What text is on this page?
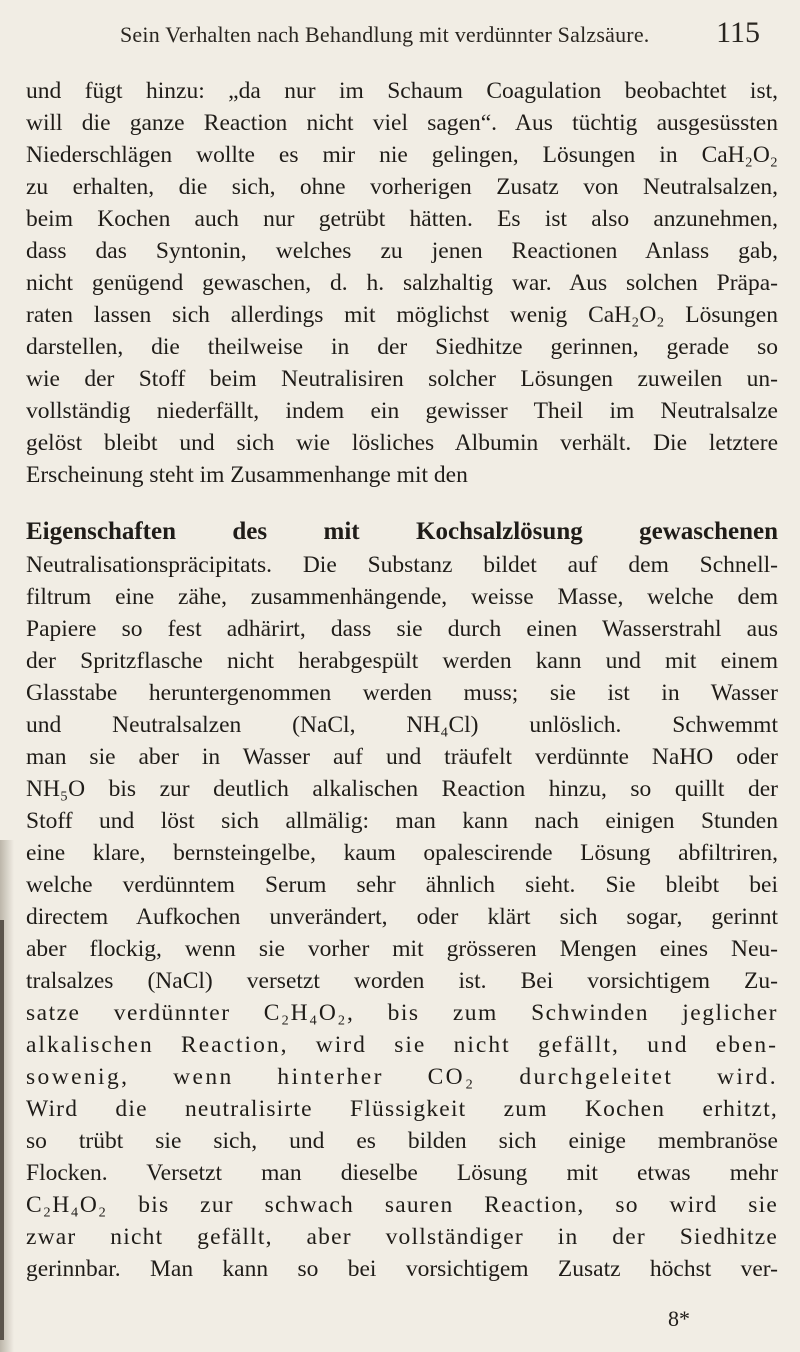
Sein Verhalten nach Behandlung mit verdünnter Salzsäure. 115
und fügt hinzu: „da nur im Schaum Coagulation beobachtet ist,
will die ganze Reaction nicht viel sagen“. Aus tüchtig ausgesüssten
Niederschlägen wollte es mir nie gelingen, Lösungen in CaH₂O₂
zu erhalten, die sich, ohne vorherigen Zusatz von Neutralsalzen,
beim Kochen auch nur getrübt hätten. Es ist also anzunehmen,
dass das Syntonin, welches zu jenen Reactionen Anlass gab,
nicht genügend gewaschen, d. h. salzhaltig war. Aus solchen Präpa-
raten lassen sich allerdings mit möglichst wenig CaH₂O₂ Lösungen
darstellen, die theilweise in der Siedhitze gerinnen, gerade so
wie der Stoff beim Neutralisiren solcher Lösungen zuweilen un-
vollständig niederfällt, indem ein gewisser Theil im Neutralsalze
gelöst bleibt und sich wie lösliches Albumin verhält. Die letztere
Erscheinung steht im Zusammenhange mit den
Eigenschaften des mit Kochsalzlösung gewaschenen
Neutralisationspräcipitats. Die Substanz bildet auf dem Schnell-
filtrum eine zähe, zusammenhängende, weisse Masse, welche dem
Papiere so fest adhärirt, dass sie durch einen Wasserstrahl aus
der Spritzflasche nicht herabgespült werden kann und mit einem
Glasstabe heruntergenommen werden muss; sie ist in Wasser
und Neutralsalzen (NaCl, NH₄Cl) unlöslich. Schwemmt
man sie aber in Wasser auf und träufelt verdünnte NaHO oder
NH₅O bis zur deutlich alkalischen Reaction hinzu, so quillt der
Stoff und löst sich allmälig: man kann nach einigen Stunden
eine klare, bernsteingelbe, kaum opalescirende Lösung abfiltriren,
welche verdünntem Serum sehr ähnlich sieht. Sie bleibt bei
directem Aufkochen unverändert, oder klärt sich sogar, gerinnt
aber flockig, wenn sie vorher mit grösseren Mengen eines Neu-
tralsalzes (NaCl) versetzt worden ist. Bei vorsichtigem Zu-
satze verdünnter C₂H₄O₂, bis zum Schwinden jeglicher
alkalischen Reaction, wird sie nicht gefällt, und eben-
sowenig, wenn hinterher CO₂ durchgeleitet wird.
Wird die neutralisirte Flüssigkeit zum Kochen erhitzt,
so trübt sie sich, und es bilden sich einige membranöse
Flocken. Versetzt man dieselbe Lösung mit etwas mehr
C₂H₄O₂ bis zur schwach sauren Reaction, so wird sie
zwar nicht gefällt, aber vollständiger in der Siedhitze
gerinnbar. Man kann so bei vorsichtigem Zusatz höchst ver-
8*
